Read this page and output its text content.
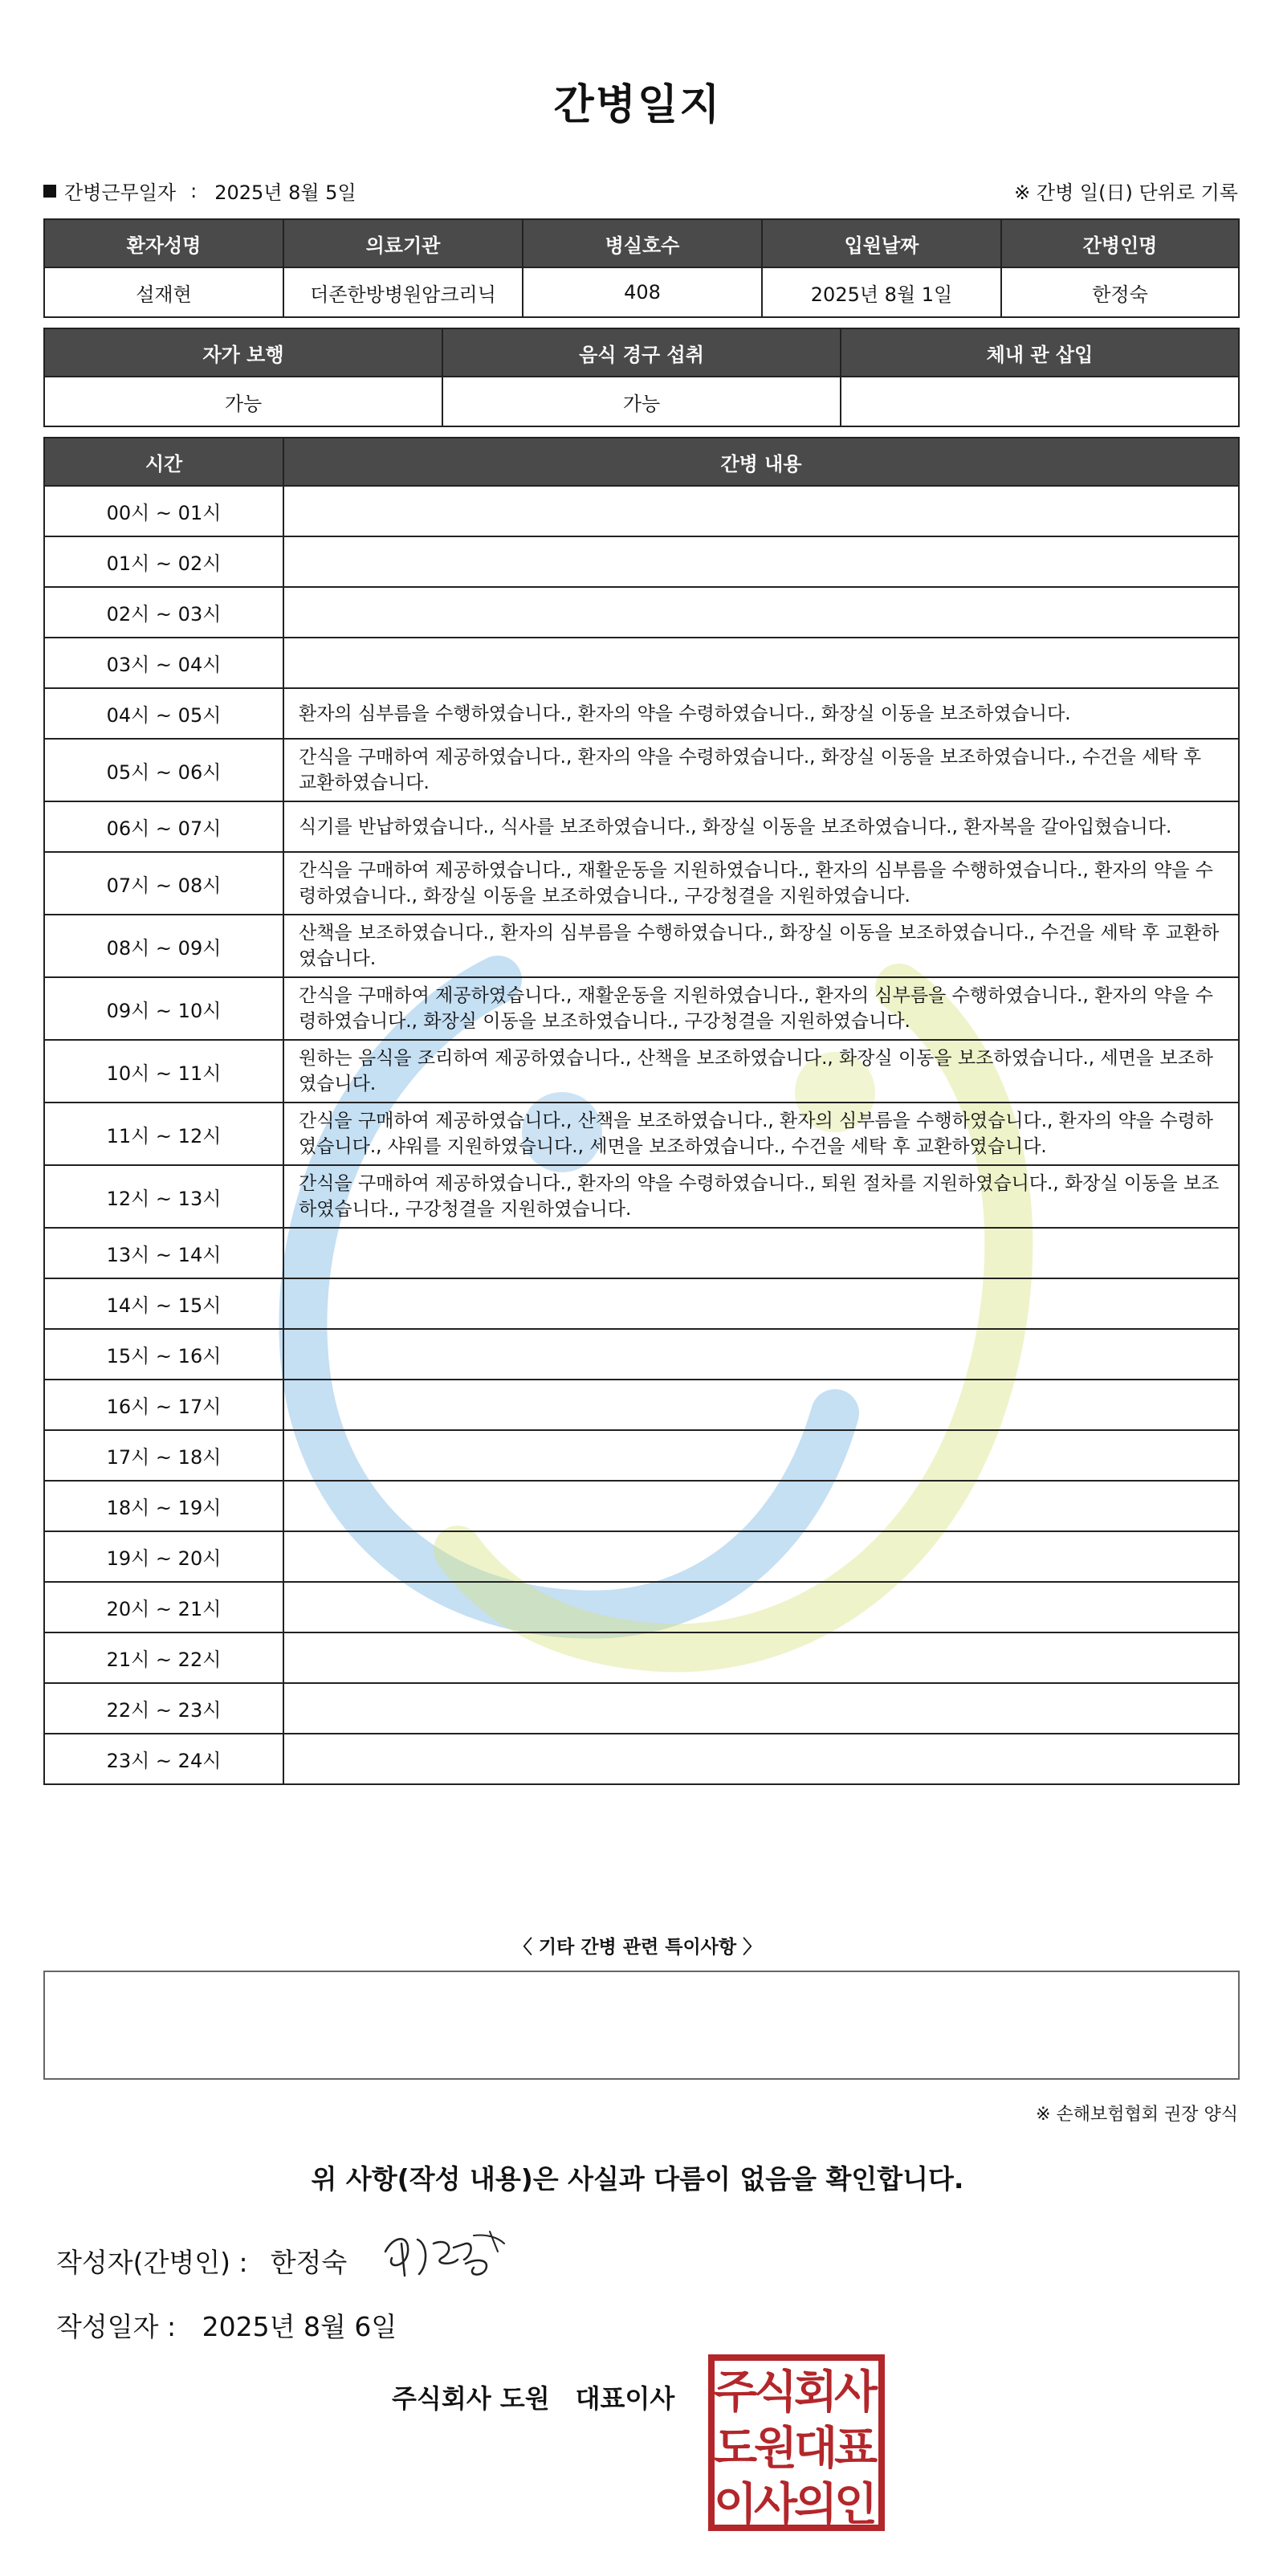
간병일지
간병근무일자 : 2025년 8월 5일	※ 간병 일(日) 단위로 기록
환자성명	의료기관	병실호수	입원날짜	간병인명
설재현	더존한방병원암크리닉	408	2025년 8월 1일	한정숙
자가 보행	음식 경구 섭취	체내 관 삽입
가능	가능	
시간	간병 내용
00시 ~ 01시	
01시 ~ 02시	
02시 ~ 03시	
03시 ~ 04시	
04시 ~ 05시	환자의 심부름을 수행하였습니다., 환자의 약을 수령하였습니다., 화장실 이동을 보조하였습니다.
05시 ~ 06시	간식을 구매하여 제공하였습니다., 환자의 약을 수령하였습니다., 화장실 이동을 보조하였습니다., 수건을 세탁 후 교환하였습니다.
06시 ~ 07시	식기를 반납하였습니다., 식사를 보조하였습니다., 화장실 이동을 보조하였습니다., 환자복을 갈아입혔습니다.
07시 ~ 08시	간식을 구매하여 제공하였습니다., 재활운동을 지원하였습니다., 환자의 심부름을 수행하였습니다., 환자의 약을 수령하였습니다., 화장실 이동을 보조하였습니다., 구강청결을 지원하였습니다.
08시 ~ 09시	산책을 보조하였습니다., 환자의 심부름을 수행하였습니다., 화장실 이동을 보조하였습니다., 수건을 세탁 후 교환하였습니다.
09시 ~ 10시	간식을 구매하여 제공하였습니다., 재활운동을 지원하였습니다., 환자의 심부름을 수행하였습니다., 환자의 약을 수령하였습니다., 화장실 이동을 보조하였습니다., 구강청결을 지원하였습니다.
10시 ~ 11시	원하는 음식을 조리하여 제공하였습니다., 산책을 보조하였습니다., 화장실 이동을 보조하였습니다., 세면을 보조하였습니다.
11시 ~ 12시	간식을 구매하여 제공하였습니다., 산책을 보조하였습니다., 환자의 심부름을 수행하였습니다., 환자의 약을 수령하였습니다., 샤워를 지원하였습니다., 세면을 보조하였습니다., 수건을 세탁 후 교환하였습니다.
12시 ~ 13시	간식을 구매하여 제공하였습니다., 환자의 약을 수령하였습니다., 퇴원 절차를 지원하였습니다., 화장실 이동을 보조하였습니다., 구강청결을 지원하였습니다.
13시 ~ 14시	
14시 ~ 15시	
15시 ~ 16시	
16시 ~ 17시	
17시 ~ 18시	
18시 ~ 19시	
19시 ~ 20시	
20시 ~ 21시	
21시 ~ 22시	
22시 ~ 23시	
23시 ~ 24시	
〈 기타 간병 관련 특이사항 〉
※ 손해보험협회 권장 양식
위 사항(작성 내용)은 사실과 다름이 없음을 확인합니다.
작성자(간병인) : 한정숙
작성일자 : 2025년 8월 6일
주식회사 도원 대표이사 주
식
회
사
도
원
대
표
이
사
의
인
